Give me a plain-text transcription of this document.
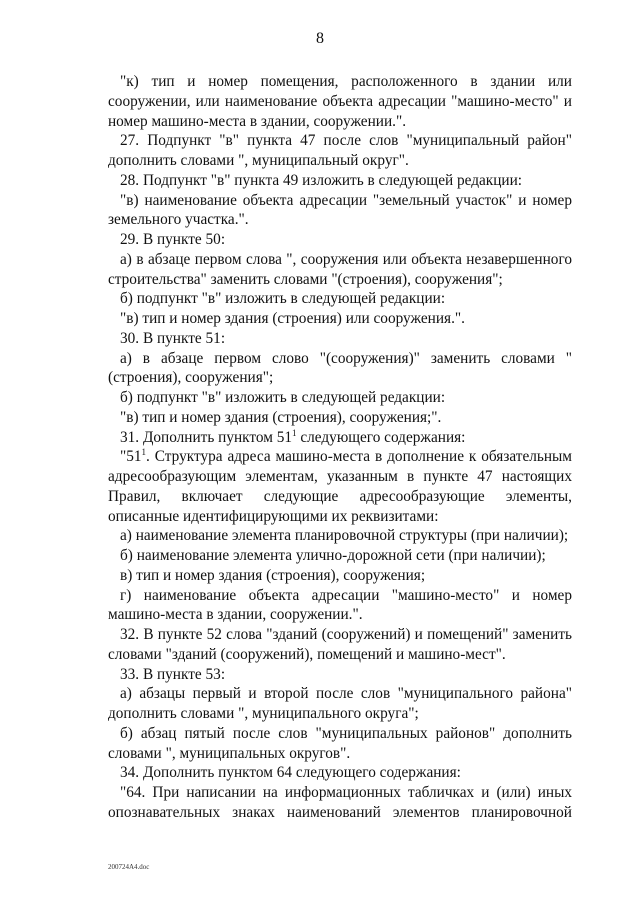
8

"к) тип и номер помещения, расположенного в здании или сооружении, или наименование объекта адресации "машино-место" и номер машино-места в здании, сооружении.".

27. Подпункт "в" пункта 47 после слов "муниципальный район" дополнить словами ", муниципальный округ".

28. Подпункт "в" пункта 49 изложить в следующей редакции:

"в) наименование объекта адресации "земельный участок" и номер земельного участка.".

29. В пункте 50:

а) в абзаце первом слова ", сооружения или объекта незавершенного строительства" заменить словами "(строения), сооружения";

б) подпункт "в" изложить в следующей редакции:

"в) тип и номер здания (строения) или сооружения.".

30. В пункте 51:

а) в абзаце первом слово "(сооружения)" заменить словами "(строения), сооружения";

б) подпункт "в" изложить в следующей редакции:

"в) тип и номер здания (строения), сооружения;".

31. Дополнить пунктом $51^1$ следующего содержания:

"$51^1$. Структура адреса машино-места в дополнение к обязательным адресообразующим элементам, указанным в пункте 47 настоящих Правил, включает следующие адресообразующие элементы, описанные идентифицирующими их реквизитами:

а) наименование элемента планировочной структуры (при наличии);

б) наименование элемента улично-дорожной сети (при наличии);

в) тип и номер здания (строения), сооружения;

г) наименование объекта адресации "машино-место" и номер машино-места в здании, сооружении.".

32. В пункте 52 слова "зданий (сооружений) и помещений" заменить словами "зданий (сооружений), помещений и машино-мест".

33. В пункте 53:

а) абзацы первый и второй после слов "муниципального района" дополнить словами ", муниципального округа";

б) абзац пятый после слов "муниципальных районов" дополнить словами ", муниципальных округов".

34. Дополнить пунктом 64 следующего содержания:

"64. При написании на информационных табличках и (или) иных опознавательных знаках наименований элементов планировочной

200724A4.doc
